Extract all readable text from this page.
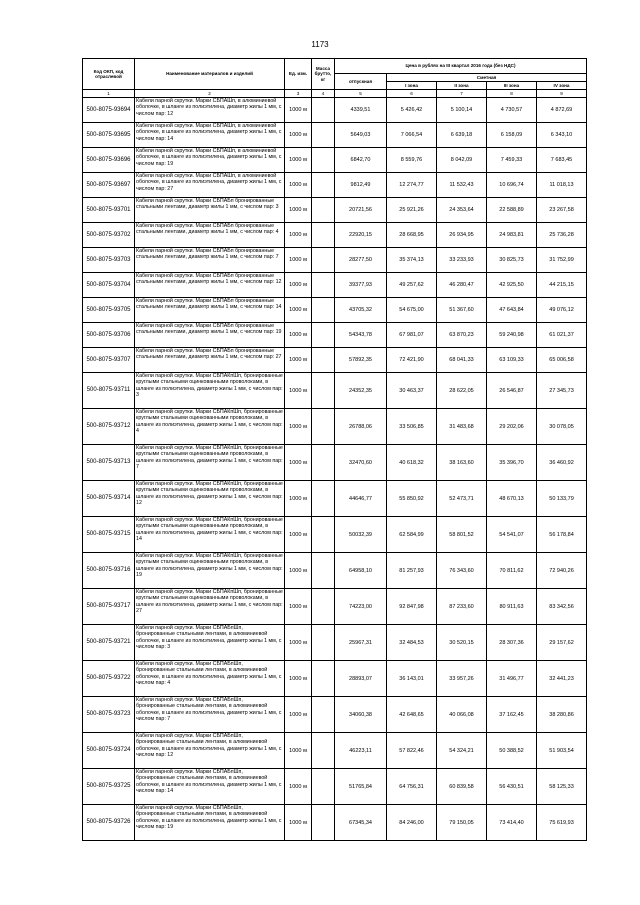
1173
Код ОКП, код отраслевой	Наименование материалов и изделий	Ед. изм.	Масса брутто, кг	Цена в рублях на III квартал 2016 года (без НДС)				
				отпускная	Сметная			
					I зона	II зона	III зона	IV зона
1	2	3	4	5	6	7	8	9
500-8075-93694	Кабели парной скрутки. Марки СБПАШп, в алюминиевой оболочке, в шланге из полиэтилена, диаметр жилы 1 мм, с числом пар: 12	1000 м		4339,51	5 426,42	5 100,14	4 730,57	4 872,69
500-8075-93695	Кабели парной скрутки. Марки СБПАШп, в алюминиевой оболочке, в шланге из полиэтилена, диаметр жилы 1 мм, с числом пар: 14	1000 м		5649,03	7 066,54	6 639,18	6 158,09	6 343,10
500-8075-93696	Кабели парной скрутки. Марки СБПАШп, в алюминиевой оболочке, в шланге из полиэтилена, диаметр жилы 1 мм, с числом пар: 19	1000 м		6842,70	8 559,76	8 042,09	7 459,33	7 683,45
500-8075-93697	Кабели парной скрутки. Марки СБПАШп, в алюминиевой оболочке, в шланге из полиэтилена, диаметр жилы 1 мм, с числом пар: 27	1000 м		9812,49	12 274,77	11 532,43	10 696,74	11 018,13
500-8075-93701	Кабели парной скрутки. Марки СБПАБп бронированные стальными лентами, диаметр жилы 1 мм, с числом пар: 3	1000 м		20721,56	25 921,26	24 353,64	22 588,89	23 267,58
500-8075-93702	Кабели парной скрутки. Марки СБПАБп бронированные стальными лентами, диаметр жилы 1 мм, с числом пар: 4	1000 м		22920,15	28 668,95	26 934,95	24 983,81	25 736,28
500-8075-93703	Кабели парной скрутки. Марки СБПАБп бронированные стальными лентами, диаметр жилы 1 мм, с числом пар: 7	1000 м		28277,50	35 374,13	33 233,93	30 825,73	31 752,99
500-8075-93704	Кабели парной скрутки. Марки СБПАБп бронированные стальными лентами, диаметр жилы 1 мм, с числом пар: 12	1000 м		39377,93	49 257,62	46 280,47	42 925,50	44 215,15
500-8075-93705	Кабели парной скрутки. Марки СБПАБп бронированные стальными лентами, диаметр жилы 1 мм, с числом пар: 14	1000 м		43705,32	54 675,00	51 367,60	47 643,84	49 076,12
500-8075-93706	Кабели парной скрутки. Марки СБПАБп бронированные стальными лентами, диаметр жилы 1 мм, с числом пар: 19	1000 м		54343,78	67 981,07	63 870,23	59 240,98	61 021,37
500-8075-93707	Кабели парной скрутки. Марки СБПАБп бронированные стальными лентами, диаметр жилы 1 мм, с числом пар: 27	1000 м		57892,35	72 421,90	68 041,33	63 109,33	65 006,58
500-8075-93711	Кабели парной скрутки. Марки СБПАКпШп, бронированные круглыми стальными оцинкованными проволоками, в шланге из полиэтилена, диаметр жилы 1 мм, с числом пар: 3	1000 м		24352,35	30 463,37	28 622,05	26 546,87	27 345,73
500-8075-93712	Кабели парной скрутки. Марки СБПАКпШп, бронированные круглыми стальными оцинкованными проволоками, в шланге из полиэтилена, диаметр жилы 1 мм, с числом пар: 4	1000 м		26788,06	33 506,85	31 483,68	29 202,06	30 078,05
500-8075-93713	Кабели парной скрутки. Марки СБПАКпШп, бронированные круглыми стальными оцинкованными проволоками, в шланге из полиэтилена, диаметр жилы 1 мм, с числом пар: 7	1000 м		32470,60	40 618,32	38 163,60	35 396,70	36 460,92
500-8075-93714	Кабели парной скрутки. Марки СБПАКпШп, бронированные круглыми стальными оцинкованными проволоками, в шланге из полиэтилена, диаметр жилы 1 мм, с числом пар: 12	1000 м		44646,77	55 850,92	52 473,71	48 670,13	50 133,79
500-8075-93715	Кабели парной скрутки. Марки СБПАКпШп, бронированные круглыми стальными оцинкованными проволоками, в шланге из полиэтилена, диаметр жилы 1 мм, с числом пар: 14	1000 м		50032,39	62 584,99	58 801,52	54 541,07	56 178,84
500-8075-93716	Кабели парной скрутки. Марки СБПАКпШп, бронированные круглыми стальными оцинкованными проволоками, в шланге из полиэтилена, диаметр жилы 1 мм, с числом пар: 19	1000 м		64958,10	81 257,93	76 343,60	70 811,62	72 940,26
500-8075-93717	Кабели парной скрутки. Марки СБПАКпШп, бронированные круглыми стальными оцинкованными проволоками, в шланге из полиэтилена, диаметр жилы 1 мм, с числом пар: 27	1000 м		74223,00	92 847,98	87 233,60	80 911,63	83 342,56
500-8075-93721	Кабели парной скрутки. Марки СБПАБпШп, бронированные стальными лентами, в алюминиевой оболочке, в шланге из полиэтилена, диаметр жилы 1 мм, с числом пар: 3	1000 м		25967,31	32 484,53	30 520,15	28 307,36	29 157,62
500-8075-93722	Кабели парной скрутки. Марки СБПАБпШп, бронированные стальными лентами, в алюминиевой оболочке, в шланге из полиэтилена, диаметр жилы 1 мм, с числом пар: 4	1000 м		28893,07	36 143,01	33 957,26	31 496,77	32 441,23
500-8075-93723	Кабели парной скрутки. Марки СБПАБпШп, бронированные стальными лентами, в алюминиевой оболочке, в шланге из полиэтилена, диаметр жилы 1 мм, с числом пар: 7	1000 м		34060,38	42 648,65	40 066,08	37 162,45	38 280,86
500-8075-93724	Кабели парной скрутки. Марки СБПАБпШп, бронированные стальными лентами, в алюминиевой оболочке, в шланге из полиэтилена, диаметр жилы 1 мм, с числом пар: 12	1000 м		46223,11	57 822,46	54 324,21	50 388,52	51 903,54
500-8075-93725	Кабели парной скрутки. Марки СБПАБпШп, бронированные стальными лентами, в алюминиевой оболочке, в шланге из полиэтилена, диаметр жилы 1 мм, с числом пар: 14	1000 м		51765,84	64 756,31	60 839,58	56 430,51	58 125,33
500-8075-93726	Кабели парной скрутки. Марки СБПАБпШп, бронированные стальными лентами, в алюминиевой оболочке, в шланге из полиэтилена, диаметр жилы 1 мм, с числом пар: 19	1000 м		67345,34	84 246,00	79 150,05	73 414,40	75 619,93
